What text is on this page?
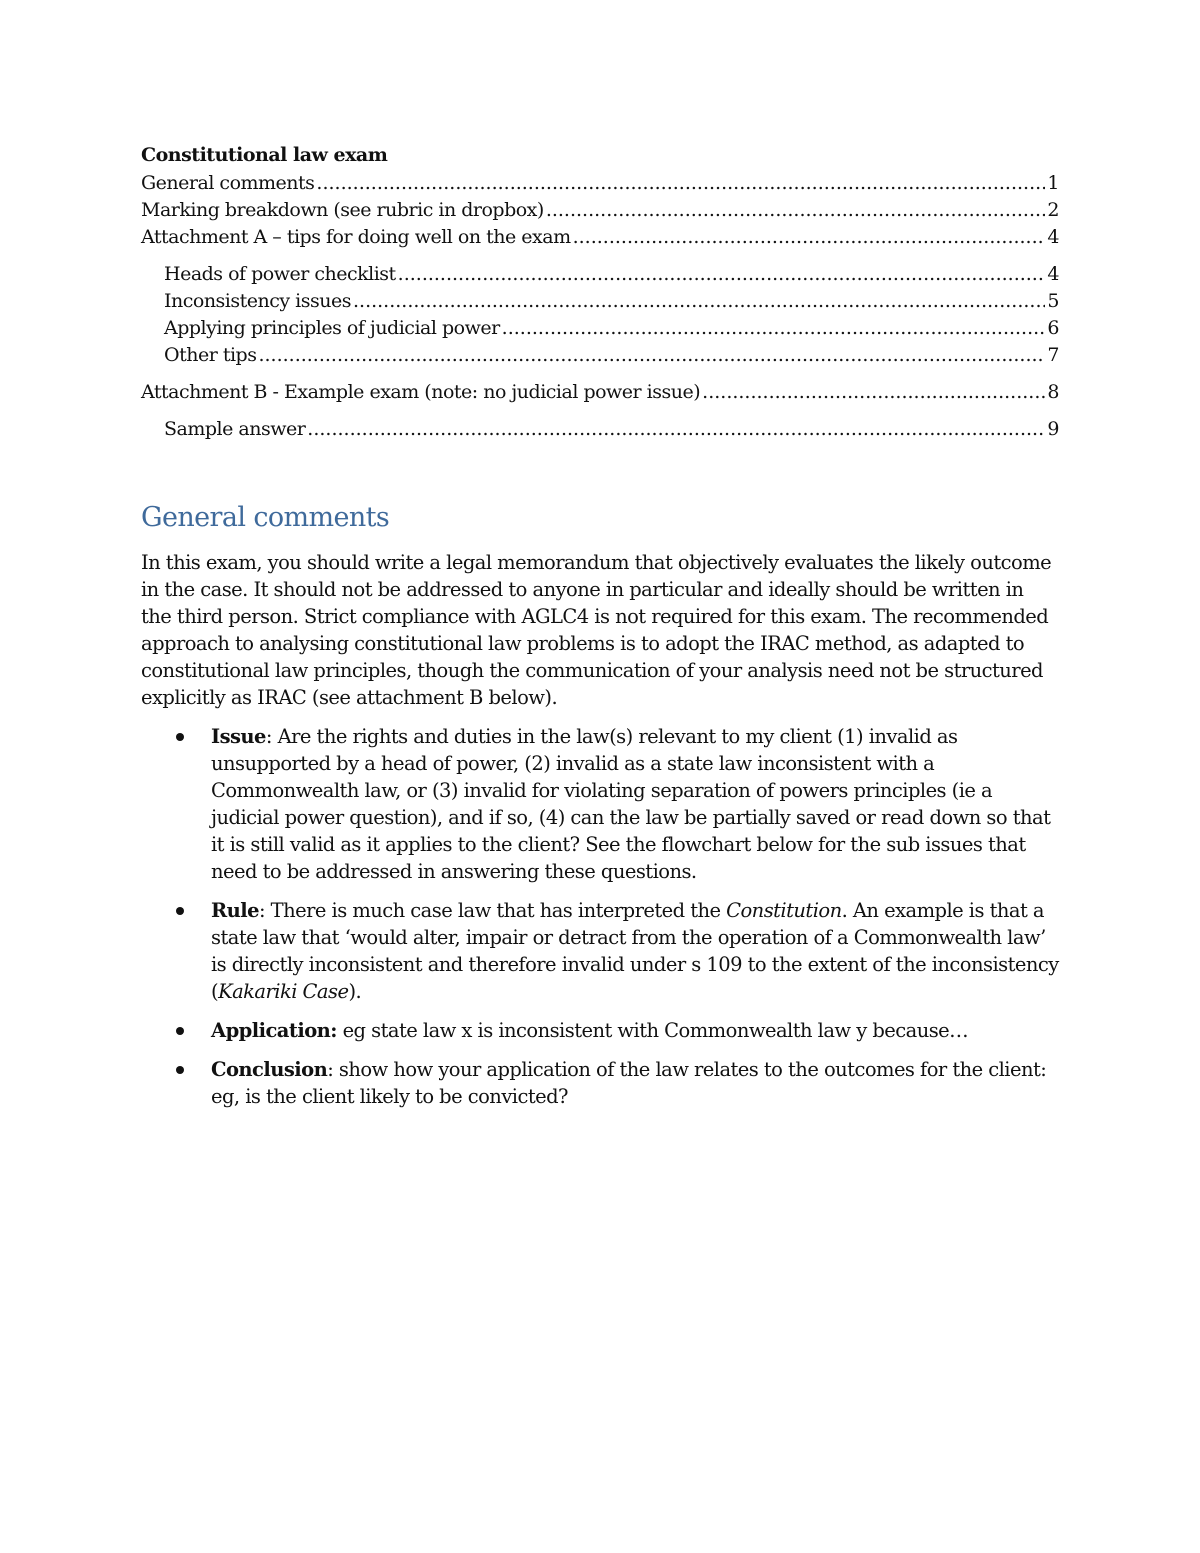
Constitutional law exam

General comments .....	1
Marking breakdown (see rubric in dropbox) .....	2
Attachment A – tips for doing well on the exam .....	4
Heads of power checklist .....	4
Inconsistency issues .....	5
Applying principles of judicial power .....	6
Other tips .....	7
Attachment B - Example exam (note: no judicial power issue) .....	8
Sample answer .....	9
General comments

In this exam, you should write a legal memorandum that objectively evaluates the likely outcome in the case. It should not be addressed to anyone in particular and ideally should be written in the third person. Strict compliance with AGLC4 is not required for this exam. The recommended approach to analysing constitutional law problems is to adopt the IRAC method, as adapted to constitutional law principles, though the communication of your analysis need not be structured explicitly as IRAC (see attachment B below).

Issue: Are the rights and duties in the law(s) relevant to my client (1) invalid as unsupported by a head of power, (2) invalid as a state law inconsistent with a Commonwealth law, or (3) invalid for violating separation of powers principles (ie a judicial power question), and if so, (4) can the law be partially saved or read down so that it is still valid as it applies to the client? See the flowchart below for the sub issues that need to be addressed in answering these questions.
Rule: There is much case law that has interpreted the Constitution. An example is that a state law that ‘would alter, impair or detract from the operation of a Commonwealth law’ is directly inconsistent and therefore invalid under s 109 to the extent of the inconsistency (Kakariki Case).
Application: eg state law x is inconsistent with Commonwealth law y because…
Conclusion: show how your application of the law relates to the outcomes for the client: eg, is the client likely to be convicted?
